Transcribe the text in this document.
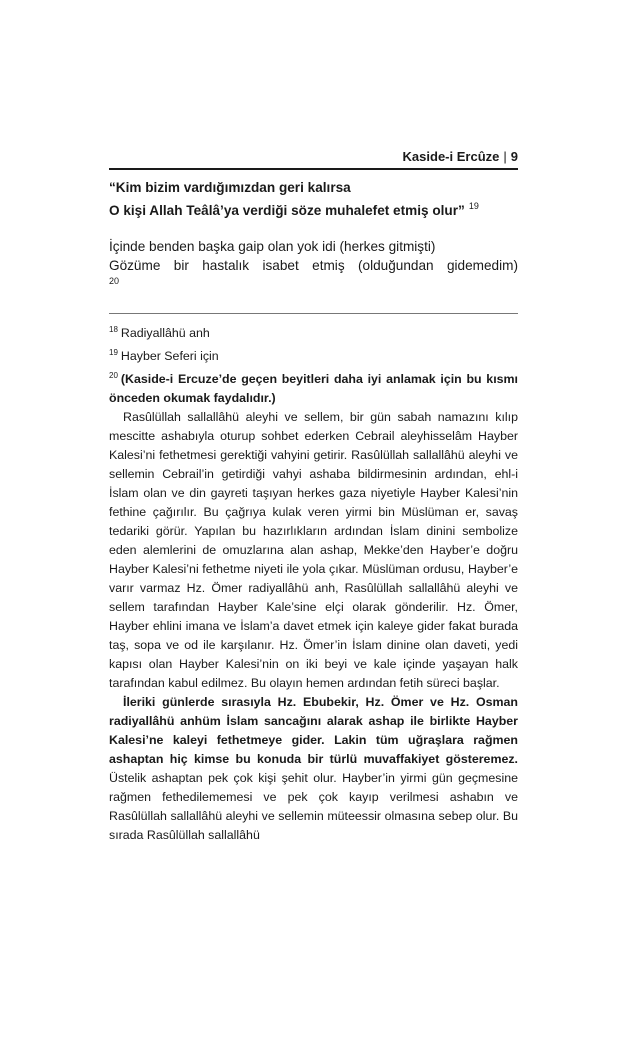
Kaside-i Ercûze | 9
“Kim bizim vardığımızdan geri kalırsa
O kişi Allah Teâlâ’ya verdiği söze muhalefet etmiş olur” $^{19}$
İçinde benden başka gaip olan yok idi (herkes gitmişti)
Gözüme bir hastalık isabet etmiş (olduğundan gidemedim)
20
$^{18}$ Radiyallâhü anh
$^{19}$ Hayber Seferi için
$^{20}$ (Kaside-i Ercuze’de geçen beyitleri daha iyi anlamak için bu kısmı önceden okumak faydalıdır.)

Rasûlüllah sallallâhü aleyhi ve sellem, bir gün sabah namazını kılıp mescitte ashabıyla oturup sohbet ederken Cebrail aleyhisselâm Hayber Kalesi’ni fethetmesi gerektiği vahyini getirir. Rasûlüllah sallallâhü aleyhi ve sellemin Cebrail’in getirdiği vahyi ashaba bildirmesinin ardından, ehl-i İslam olan ve din gayreti taşıyan herkes gaza niyetiyle Hayber Kalesi’nin fethine çağırılır. Bu çağrıya kulak veren yirmi bin Müslüman er, savaş tedariki görür. Yapılan bu hazırlıkların ardından İslam dinini sembolize eden alemlerini de omuzlarına alan ashap, Mekke’den Hayber’e doğru Hayber Kalesi’ni fethetme niyeti ile yola çıkar. Müslüman ordusu, Hayber’e varır varmaz Hz. Ömer radiyallâhü anh, Rasûlüllah sallallâhü aleyhi ve sellem tarafından Hayber Kale’sine elçi olarak gönderilir. Hz. Ömer, Hayber ehlini imana ve İslam’a davet etmek için kaleye gider fakat burada taş, sopa ve od ile karşılanır. Hz. Ömer’in İslam dinine olan daveti, yedi kapısı olan Hayber Kalesi’nin on iki beyi ve kale içinde yaşayan halk tarafından kabul edilmez. Bu olayın hemen ardından fetih süreci başlar.

İleriki günlerde sırasıyla Hz. Ebubekir, Hz. Ömer ve Hz. Osman radiyallâhü anhüm İslam sancağını alarak ashap ile birlikte Hayber Kalesi’ne kaleyi fethetmeye gider. Lakin tüm uğraşlara rağmen ashaptan hiç kimse bu konuda bir türlü muvaffakiyet gösteremez. Üstelik ashaptan pek çok kişi şehit olur. Hayber’in yirmi gün geçmesine rağmen fethedilememesi ve pek çok kayıp verilmesi ashabın ve Rasûlüllah sallallâhü aleyhi ve sellemin müteessir olmasına sebep olur. Bu sırada Rasûlüllah sallallâhü
